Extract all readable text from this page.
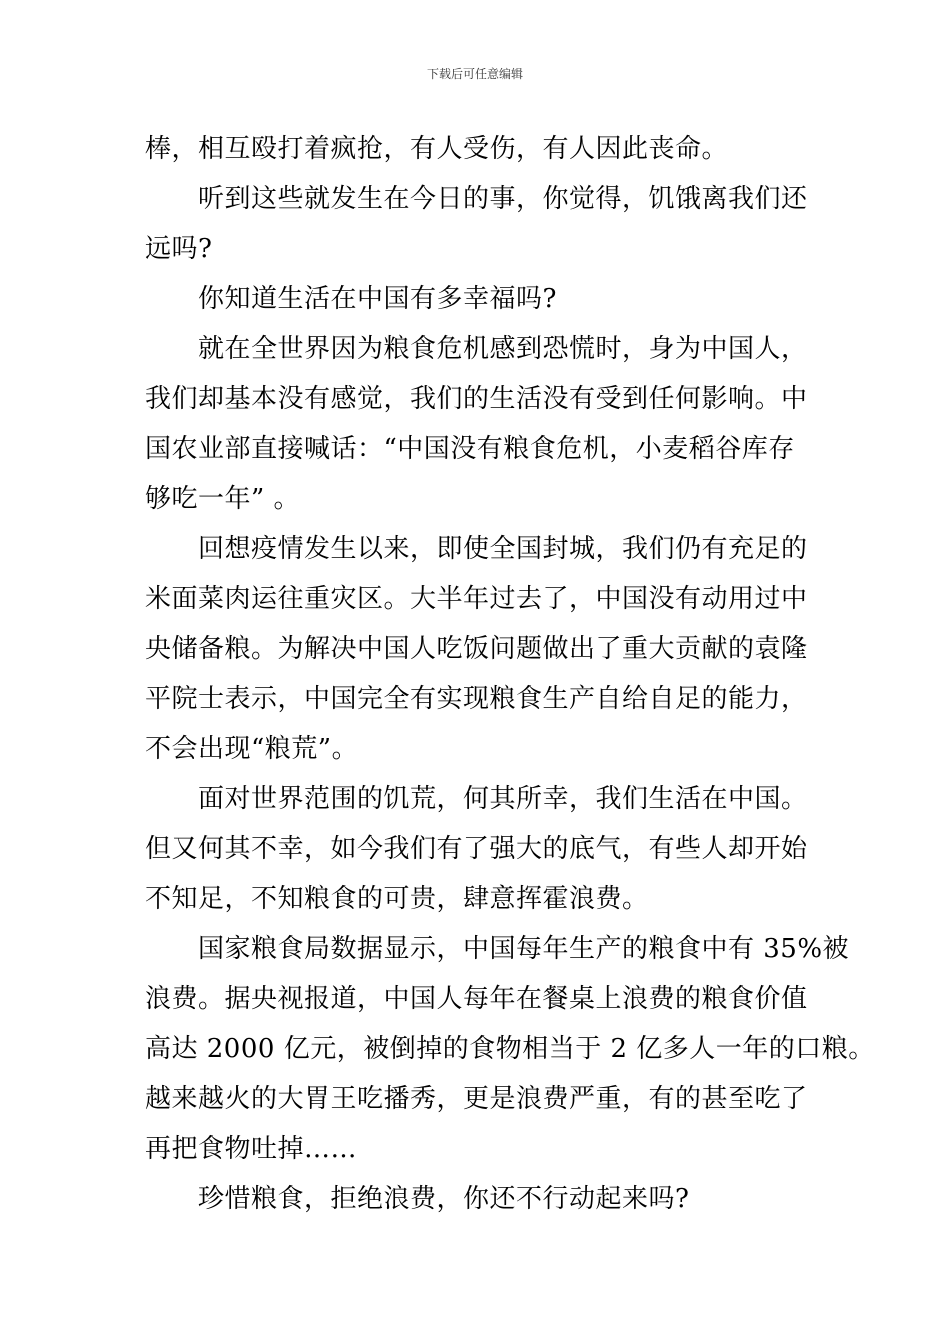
下载后可任意编辑
棒，相互殴打着疯抢，有人受伤，有人因此丧命。
听到这些就发生在今日的事，你觉得，饥饿离我们还
远吗?
你知道生活在中国有多幸福吗?
就在全世界因为粮食危机感到恐慌时，身为中国人，
我们却基本没有感觉，我们的生活没有受到任何影响。中
国农业部直接喊话：“中国没有粮食危机，小麦稻谷库存
够吃一年” 。
回想疫情发生以来，即使全国封城，我们仍有充足的
米面菜肉运往重灾区。大半年过去了，中国没有动用过中
央储备粮。为解决中国人吃饭问题做出了重大贡献的袁隆
平院士表示，中国完全有实现粮食生产自给自足的能力，
不会出现“粮荒”。
面对世界范围的饥荒，何其所幸，我们生活在中国。
但又何其不幸，如今我们有了强大的底气，有些人却开始
不知足，不知粮食的可贵，肆意挥霍浪费。
国家粮食局数据显示，中国每年生产的粮食中有 35%被
浪费。据央视报道，中国人每年在餐桌上浪费的粮食价值
高达 2000 亿元，被倒掉的食物相当于 2 亿多人一年的口粮。
越来越火的大胃王吃播秀，更是浪费严重，有的甚至吃了
再把食物吐掉……
珍惜粮食，拒绝浪费，你还不行动起来吗?
